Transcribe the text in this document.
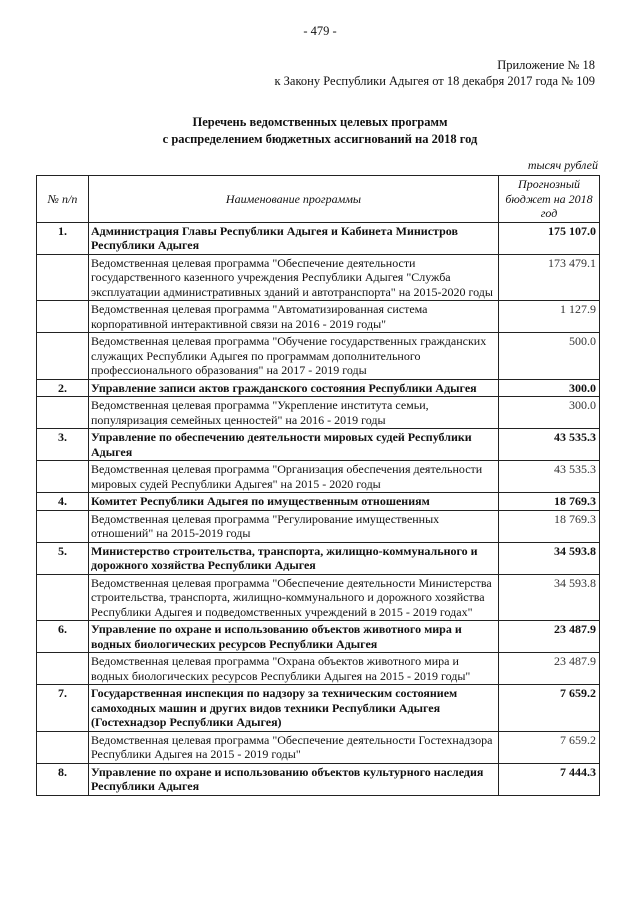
- 479 -
Приложение № 18
к Закону Республики Адыгея от 18 декабря 2017 года № 109
Перечень ведомственных целевых программ
с распределением бюджетных ассигнований на 2018 год
тысяч рублей
№ п/п	Наименование программы	Прогнозный бюджет на 2018 год
1.	Администрация Главы Республики Адыгея и Кабинета Министров Республики Адыгея	175 107.0
	Ведомственная целевая программа "Обеспечение деятельности государственного казенного учреждения Республики Адыгея "Служба эксплуатации административных зданий и автотранспорта" на 2015-2020 годы	173 479.1
	Ведомственная целевая программа "Автоматизированная система корпоративной интерактивной связи на 2016 - 2019 годы"	1 127.9
	Ведомственная целевая программа "Обучение государственных гражданских служащих Республики Адыгея по программам дополнительного профессионального образования" на 2017 - 2019 годы	500.0
2.	Управление записи актов гражданского состояния Республики Адыгея	300.0
	Ведомственная целевая программа "Укрепление института семьи, популяризация семейных ценностей" на 2016 - 2019 годы	300.0
3.	Управление по обеспечению деятельности мировых судей Республики Адыгея	43 535.3
	Ведомственная целевая программа "Организация обеспечения деятельности мировых судей Республики Адыгея" на 2015 - 2020 годы	43 535.3
4.	Комитет Республики Адыгея по имущественным отношениям	18 769.3
	Ведомственная целевая программа "Регулирование имущественных отношений" на 2015-2019 годы	18 769.3
5.	Министерство строительства, транспорта, жилищно-коммунального и дорожного хозяйства Республики Адыгея	34 593.8
	Ведомственная целевая программа "Обеспечение деятельности Министерства строительства, транспорта, жилищно-коммунального и дорожного хозяйства Республики Адыгея и подведомственных учреждений в 2015 - 2019 годах"	34 593.8
6.	Управление по охране и использованию объектов животного мира и водных биологических ресурсов Республики Адыгея	23 487.9
	Ведомственная целевая программа "Охрана объектов животного мира и водных биологических ресурсов Республики Адыгея на 2015 - 2019 годы"	23 487.9
7.	Государственная инспекция по надзору за техническим состоянием самоходных машин и других видов техники Республики Адыгея (Гостехнадзор Республики Адыгея)	7 659.2
	Ведомственная целевая программа "Обеспечение деятельности Гостехнадзора Республики Адыгея на 2015 - 2019 годы"	7 659.2
8.	Управление по охране и использованию объектов культурного наследия Республики Адыгея	7 444.3
